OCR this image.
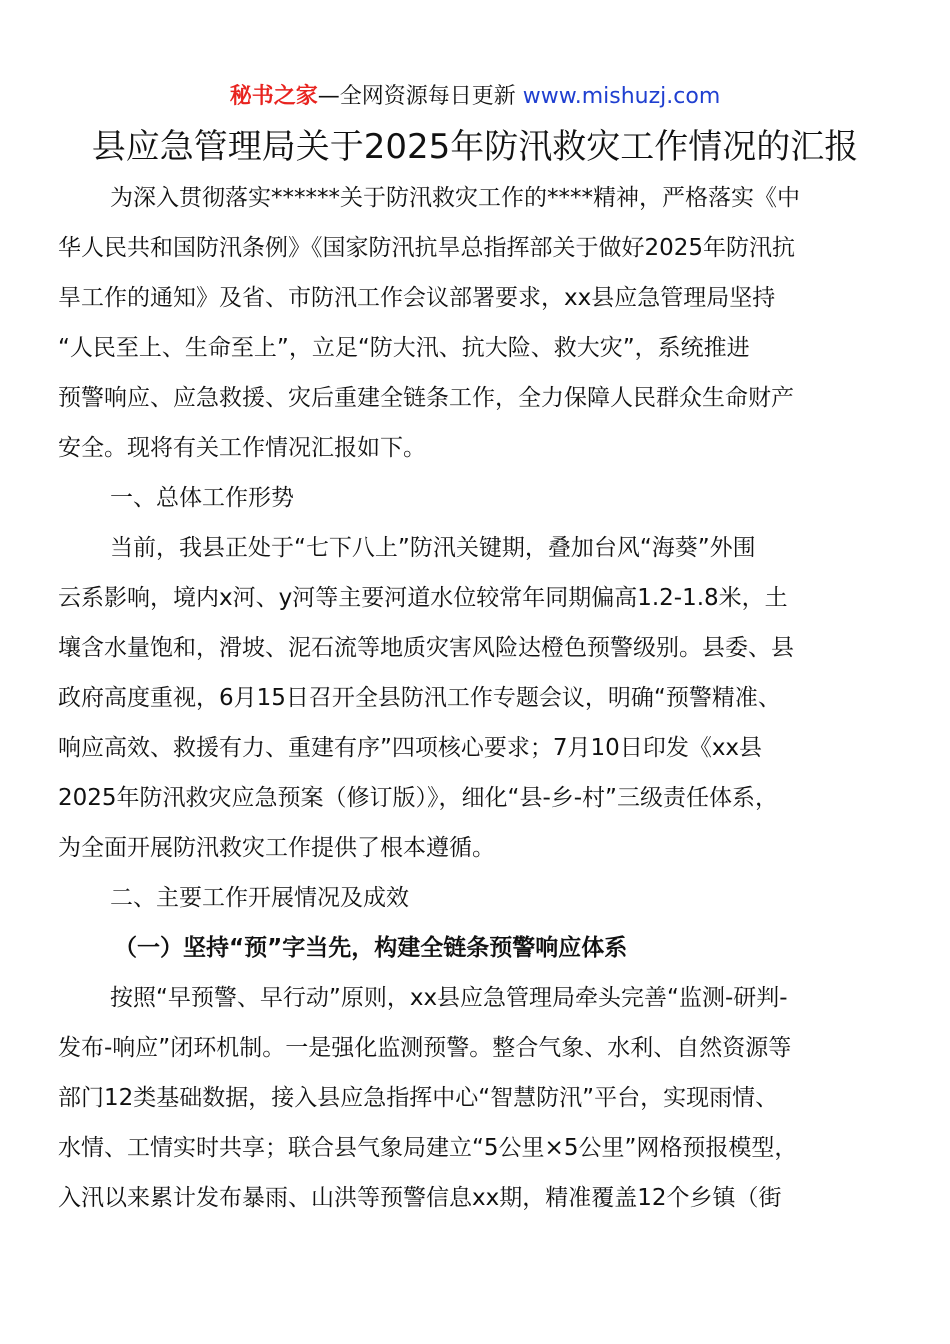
秘书之家—全网资源每日更新 www.mishuzj.com
县应急管理局关于2025年防汛救灾工作情况的汇报
为深入贯彻落实******关于防汛救灾工作的****精神，严格落实《中
华人民共和国防汛条例》《国家防汛抗旱总指挥部关于做好2025年防汛抗
旱工作的通知》及省、市防汛工作会议部署要求，xx县应急管理局坚持
“人民至上、生命至上”，立足“防大汛、抗大险、救大灾”，系统推进
预警响应、应急救援、灾后重建全链条工作，全力保障人民群众生命财产
安全。现将有关工作情况汇报如下。
一、总体工作形势
当前，我县正处于“七下八上”防汛关键期，叠加台风“海葵”外围
云系影响，境内x河、y河等主要河道水位较常年同期偏高1.2-1.8米，土
壤含水量饱和，滑坡、泥石流等地质灾害风险达橙色预警级别。县委、县
政府高度重视，6月15日召开全县防汛工作专题会议，明确“预警精准、
响应高效、救援有力、重建有序”四项核心要求；7月10日印发《xx县
2025年防汛救灾应急预案（修订版）》，细化“县-乡-村”三级责任体系，
为全面开展防汛救灾工作提供了根本遵循。
二、主要工作开展情况及成效
（一）坚持“预”字当先，构建全链条预警响应体系
按照“早预警、早行动”原则，xx县应急管理局牵头完善“监测-研判-
发布-响应”闭环机制。一是强化监测预警。整合气象、水利、自然资源等
部门12类基础数据，接入县应急指挥中心“智慧防汛”平台，实现雨情、
水情、工情实时共享；联合县气象局建立“5公里×5公里”网格预报模型，
入汛以来累计发布暴雨、山洪等预警信息xx期，精准覆盖12个乡镇（街
